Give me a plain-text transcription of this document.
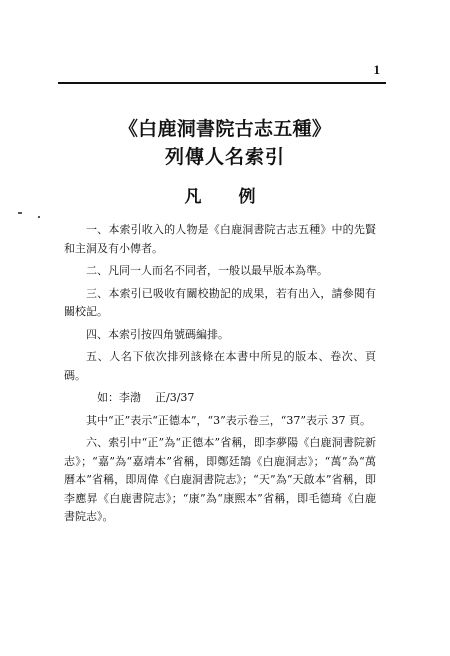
1
《白鹿洞書院古志五種》
列傳人名索引
凡　例

一、本索引收入的人物是《白鹿洞書院古志五種》中的先賢和主洞及有小傳者。

二、凡同一人而名不同者，一般以最早版本為準。

三、本索引已吸收有關校勘記的成果，若有出入，請參閱有關校記。

四、本索引按四角號碼編排。

五、人名下依次排列該條在本書中所見的版本、卷次、頁碼。

如：李渤 正/3/37

其中“正”表示“正德本”，“3”表示卷三，“37”表示 37 頁。

六、索引中“正”為“正德本”省稱，即李夢陽《白鹿洞書院新志》；“嘉”為“嘉靖本”省稱，即鄭廷鵠《白鹿洞志》；“萬”為“萬曆本”省稱，即周偉《白鹿洞書院志》；“天”為“天啟本”省稱，即李應昇《白鹿書院志》；“康”為“康熙本”省稱，即毛德琦《白鹿書院志》。
